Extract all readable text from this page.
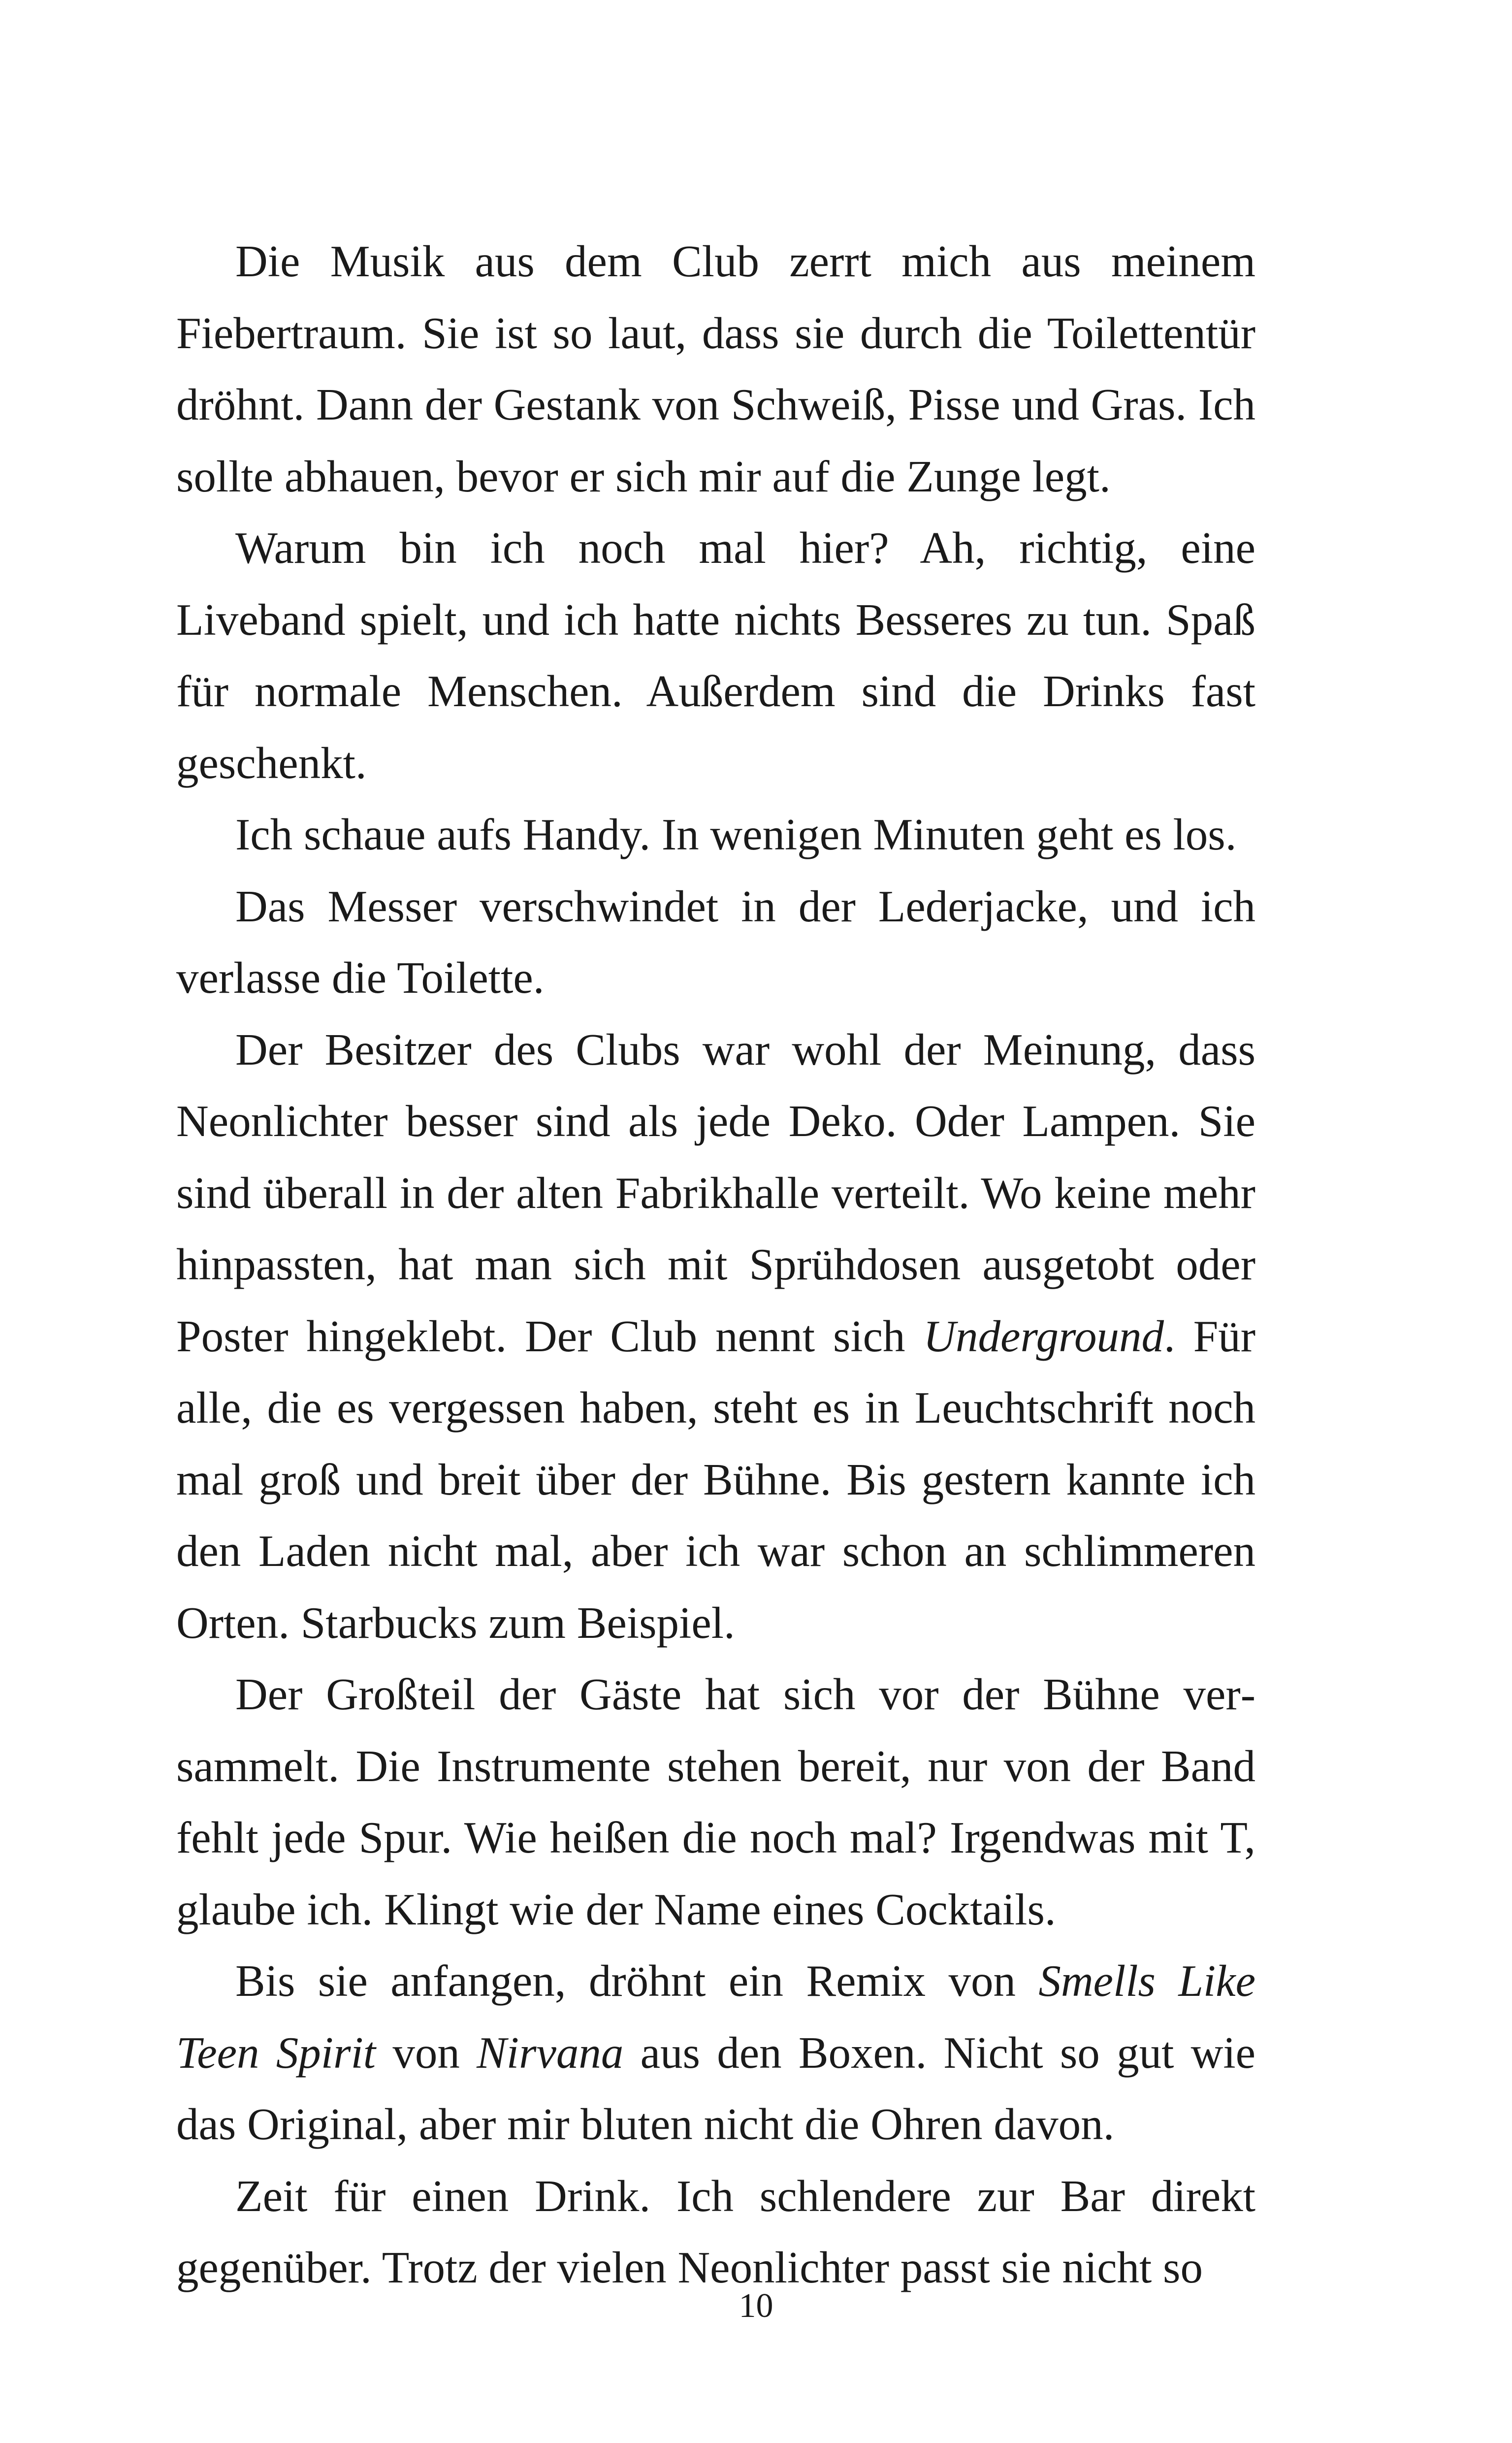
Die Musik aus dem Club zerrt mich aus meinem Fiebertraum. Sie ist so laut, dass sie durch die Toilettentür dröhnt. Dann der Gestank von Schweiß, Pisse und Gras. Ich sollte abhauen, bevor er sich mir auf die Zunge legt.

Warum bin ich noch mal hier? Ah, richtig, eine Liveband spielt, und ich hatte nichts Besseres zu tun. Spaß für normale Menschen. Außerdem sind die Drinks fast geschenkt.

Ich schaue aufs Handy. In wenigen Minuten geht es los.

Das Messer verschwindet in der Lederjacke, und ich verlasse die Toilette.

Der Besitzer des Clubs war wohl der Meinung, dass Neonlichter besser sind als jede Deko. Oder Lampen. Sie sind überall in der alten Fabrikhalle verteilt. Wo keine mehr hinpassten, hat man sich mit Sprühdosen ausgetobt oder Poster hingeklebt. Der Club nennt sich Underground. Für alle, die es vergessen haben, steht es in Leuchtschrift noch mal groß und breit über der Bühne. Bis gestern kannte ich den Laden nicht mal, aber ich war schon an schlimmeren Orten. Starbucks zum Beispiel.

Der Großteil der Gäste hat sich vor der Bühne versammelt. Die Instrumente stehen bereit, nur von der Band fehlt jede Spur. Wie heißen die noch mal? Irgendwas mit T, glaube ich. Klingt wie der Name eines Cocktails.

Bis sie anfangen, dröhnt ein Remix von Smells Like Teen Spirit von Nirvana aus den Boxen. Nicht so gut wie das Original, aber mir bluten nicht die Ohren davon.

Zeit für einen Drink. Ich schlendere zur Bar direkt gegenüber. Trotz der vielen Neonlichter passt sie nicht so

10
